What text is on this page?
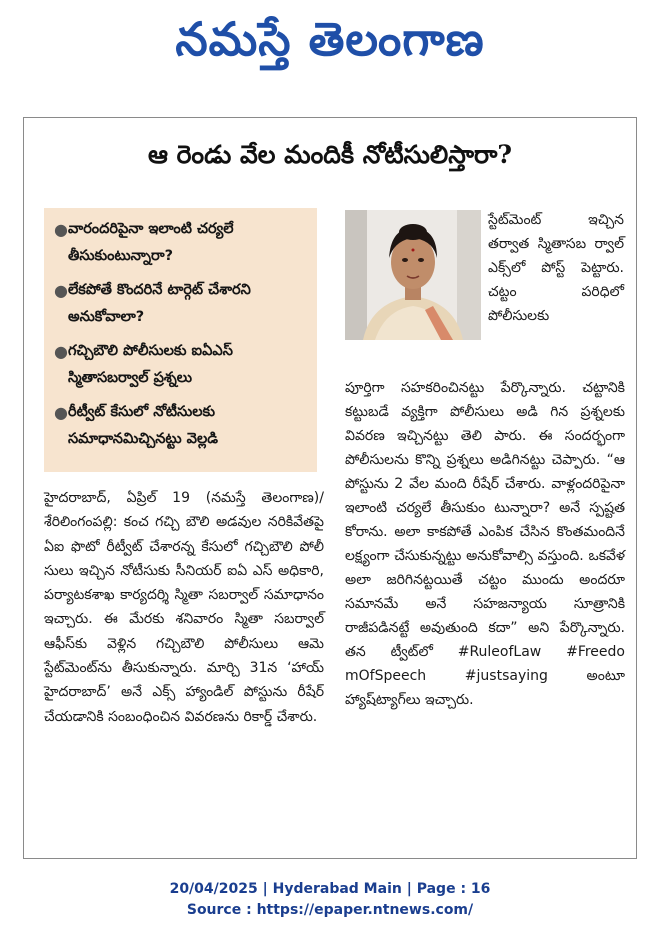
నమస్తే తెలంగాణ
ఆ రెండు వేల మందికీ నోటీసులిస్తారా?
● వారందరిపైనా ఇలాంటి చర్యలే తీసుకుంటున్నారా?
● లేకపోతే కొందరినే టార్గెట్‌ చేశారని అనుకోవాలా?
● గచ్చిబౌలి పోలీసులకు ఐఏఎస్‌ స్మితాసబర్వాల్‌ ప్రశ్నలు
● రీట్వీట్‌ కేసులో నోటీసులకు సమాధానమిచ్చినట్టు వెల్లడి
స్టేట్‌మెంట్‌ ఇచ్చిన తర్వాత స్మితాసబ ర్వాల్‌ ఎక్స్‌లో పోస్ట్‌ పెట్టారు. చట్టం పరిధిలో పోలీసులకు
పూర్తిగా సహకరించినట్టు పేర్కొన్నారు. చట్టానికి కట్టుబడే వ్యక్తిగా పోలీసులు అడి గిన ప్రశ్నలకు వివరణ ఇచ్చినట్టు తెలి పారు. ఈ సందర్భంగా పోలీసులను కొన్ని ప్రశ్నలు అడిగినట్టు చెప్పారు. “ఆ పోస్టును 2 వేల మంది రీషేర్‌ చేశారు. వాళ్లందరిపైనా ఇలాంటి చర్యలే తీసుకుం టున్నారా? అనే స్పష్టత కోరాను. అలా కాకపోతే ఎంపిక చేసిన కొంతమందినే లక్ష్యంగా చేసుకున్నట్టు అనుకోవాల్సి వస్తుంది. ఒకవేళ అలా జరిగినట్టయితే చట్టం ముందు అందరూ సమానమే అనే సహజన్యాయ సూత్రానికి రాజీపడినట్టే అవుతుంది కదా” అని పేర్కొన్నారు. తన ట్వీట్‌లో #RuleofLaw #Freedo mOfSpeech #justsaying అంటూ హ్యాష్‌ట్యాగ్‌లు ఇచ్చారు.
హైదరాబాద్‌, ఏప్రిల్‌ 19 (నమస్తే తెలంగాణ)/శేరిలింగంపల్లి: కంచ గచ్చి బౌలి అడవుల నరికివేతపై ఏఐ ఫొటో రీట్వీట్‌ చేశారన్న కేసులో గచ్చిబౌలి పోలీ సులు ఇచ్చిన నోటీసుకు సీనియర్‌ ఐఏ ఎస్‌ అధికారి, పర్యాటకశాఖ కార్యదర్శి స్మితా సబర్వాల్‌ సమాధానం ఇచ్చారు. ఈ మేరకు శనివారం స్మితా సబర్వాల్‌ ఆఫీస్‌కు వెళ్లిన గచ్చిబౌలి పోలీసులు ఆమె స్టేట్‌మెంట్‌ను తీసుకున్నారు. మార్చి 31న ‘హాయ్‌ హైదరాబాద్‌’ అనే ఎక్స్‌ హ్యాండిల్‌ పోస్టును రీషేర్‌ చేయడానికి సంబంధించిన వివరణను రికార్డ్‌ చేశారు.
20/04/2025 | Hyderabad Main | Page : 16
Source : https://epaper.ntnews.com/
